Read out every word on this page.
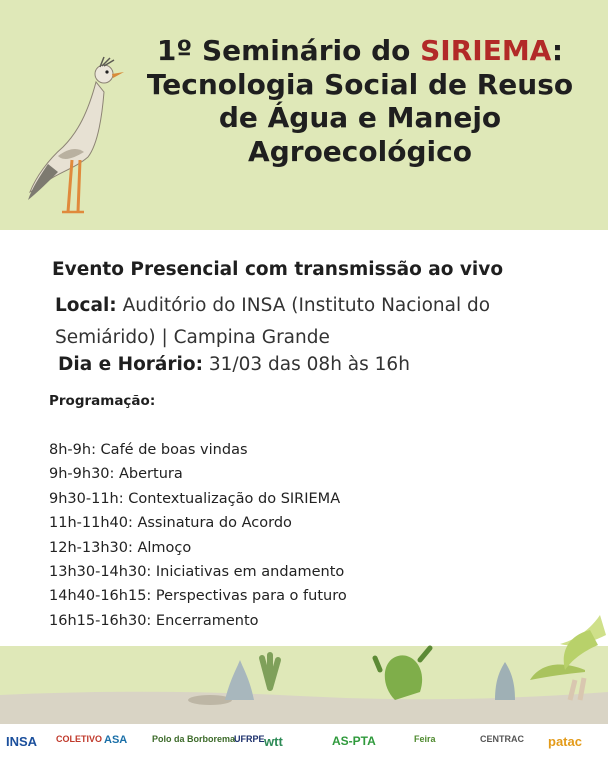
1º Seminário do SIRIEMA:
Tecnologia Social de Reuso
de Água e Manejo
Agroecológico
Evento Presencial com transmissão ao vivo
Local: Auditório do INSA (Instituto Nacional do Semiárido) | Campina Grande
Dia e Horário: 31/03 das 08h às 16h
Programação:
8h-9h: Café de boas vindas
9h-9h30: Abertura
9h30-11h: Contextualização do SIRIEMA
11h-11h40: Assinatura do Acordo
12h-13h30: Almoço
13h30-14h30: Iniciativas em andamento
14h40-16h15: Perspectivas para o futuro
16h15-16h30: Encerramento
INSA COLETIVO ASA	Polo da Borborema
UFRPE wtt	AS-PTA	Feira	CENTRAC patac
